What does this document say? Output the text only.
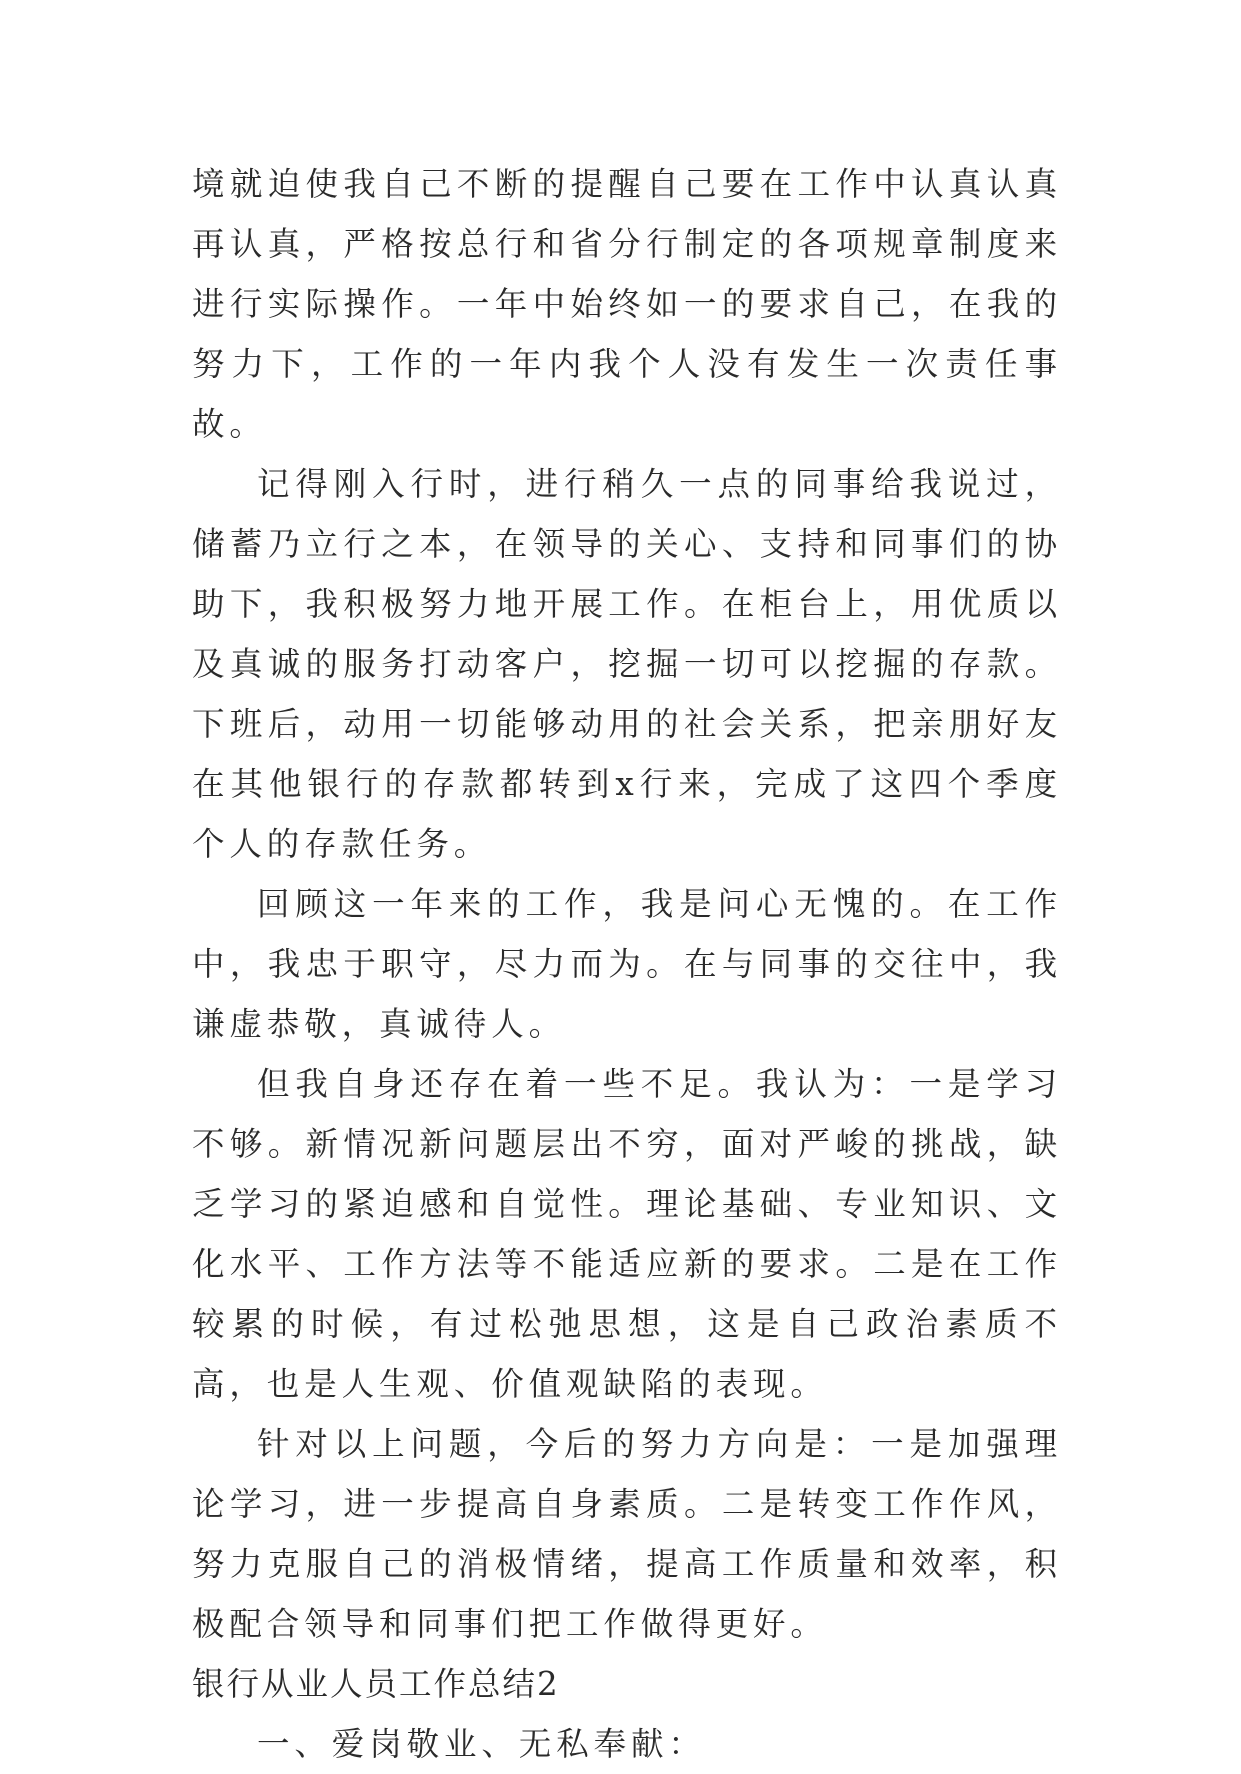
境就迫使我自己不断的提醒自己要在工作中认真认真再认真，严格按总行和省分行制定的各项规章制度来进行实际操作。一年中始终如一的要求自己，在我的努力下，工作的一年内我个人没有发生一次责任事故。

记得刚入行时，进行稍久一点的同事给我说过，储蓄乃立行之本，在领导的关心、支持和同事们的协助下，我积极努力地开展工作。在柜台上，用优质以及真诚的服务打动客户，挖掘一切可以挖掘的存款。下班后，动用一切能够动用的社会关系，把亲朋好友在其他银行的存款都转到x行来，完成了这四个季度个人的存款任务。

回顾这一年来的工作，我是问心无愧的。在工作中，我忠于职守，尽力而为。在与同事的交往中，我谦虚恭敬，真诚待人。

但我自身还存在着一些不足。我认为：一是学习不够。新情况新问题层出不穷，面对严峻的挑战，缺乏学习的紧迫感和自觉性。理论基础、专业知识、文化水平、工作方法等不能适应新的要求。二是在工作较累的时候，有过松弛思想，这是自己政治素质不高，也是人生观、价值观缺陷的表现。

针对以上问题，今后的努力方向是：一是加强理论学习，进一步提高自身素质。二是转变工作作风，努力克服自己的消极情绪，提高工作质量和效率，积极配合领导和同事们把工作做得更好。

银行从业人员工作总结2

一、爱岗敬业、无私奉献：
